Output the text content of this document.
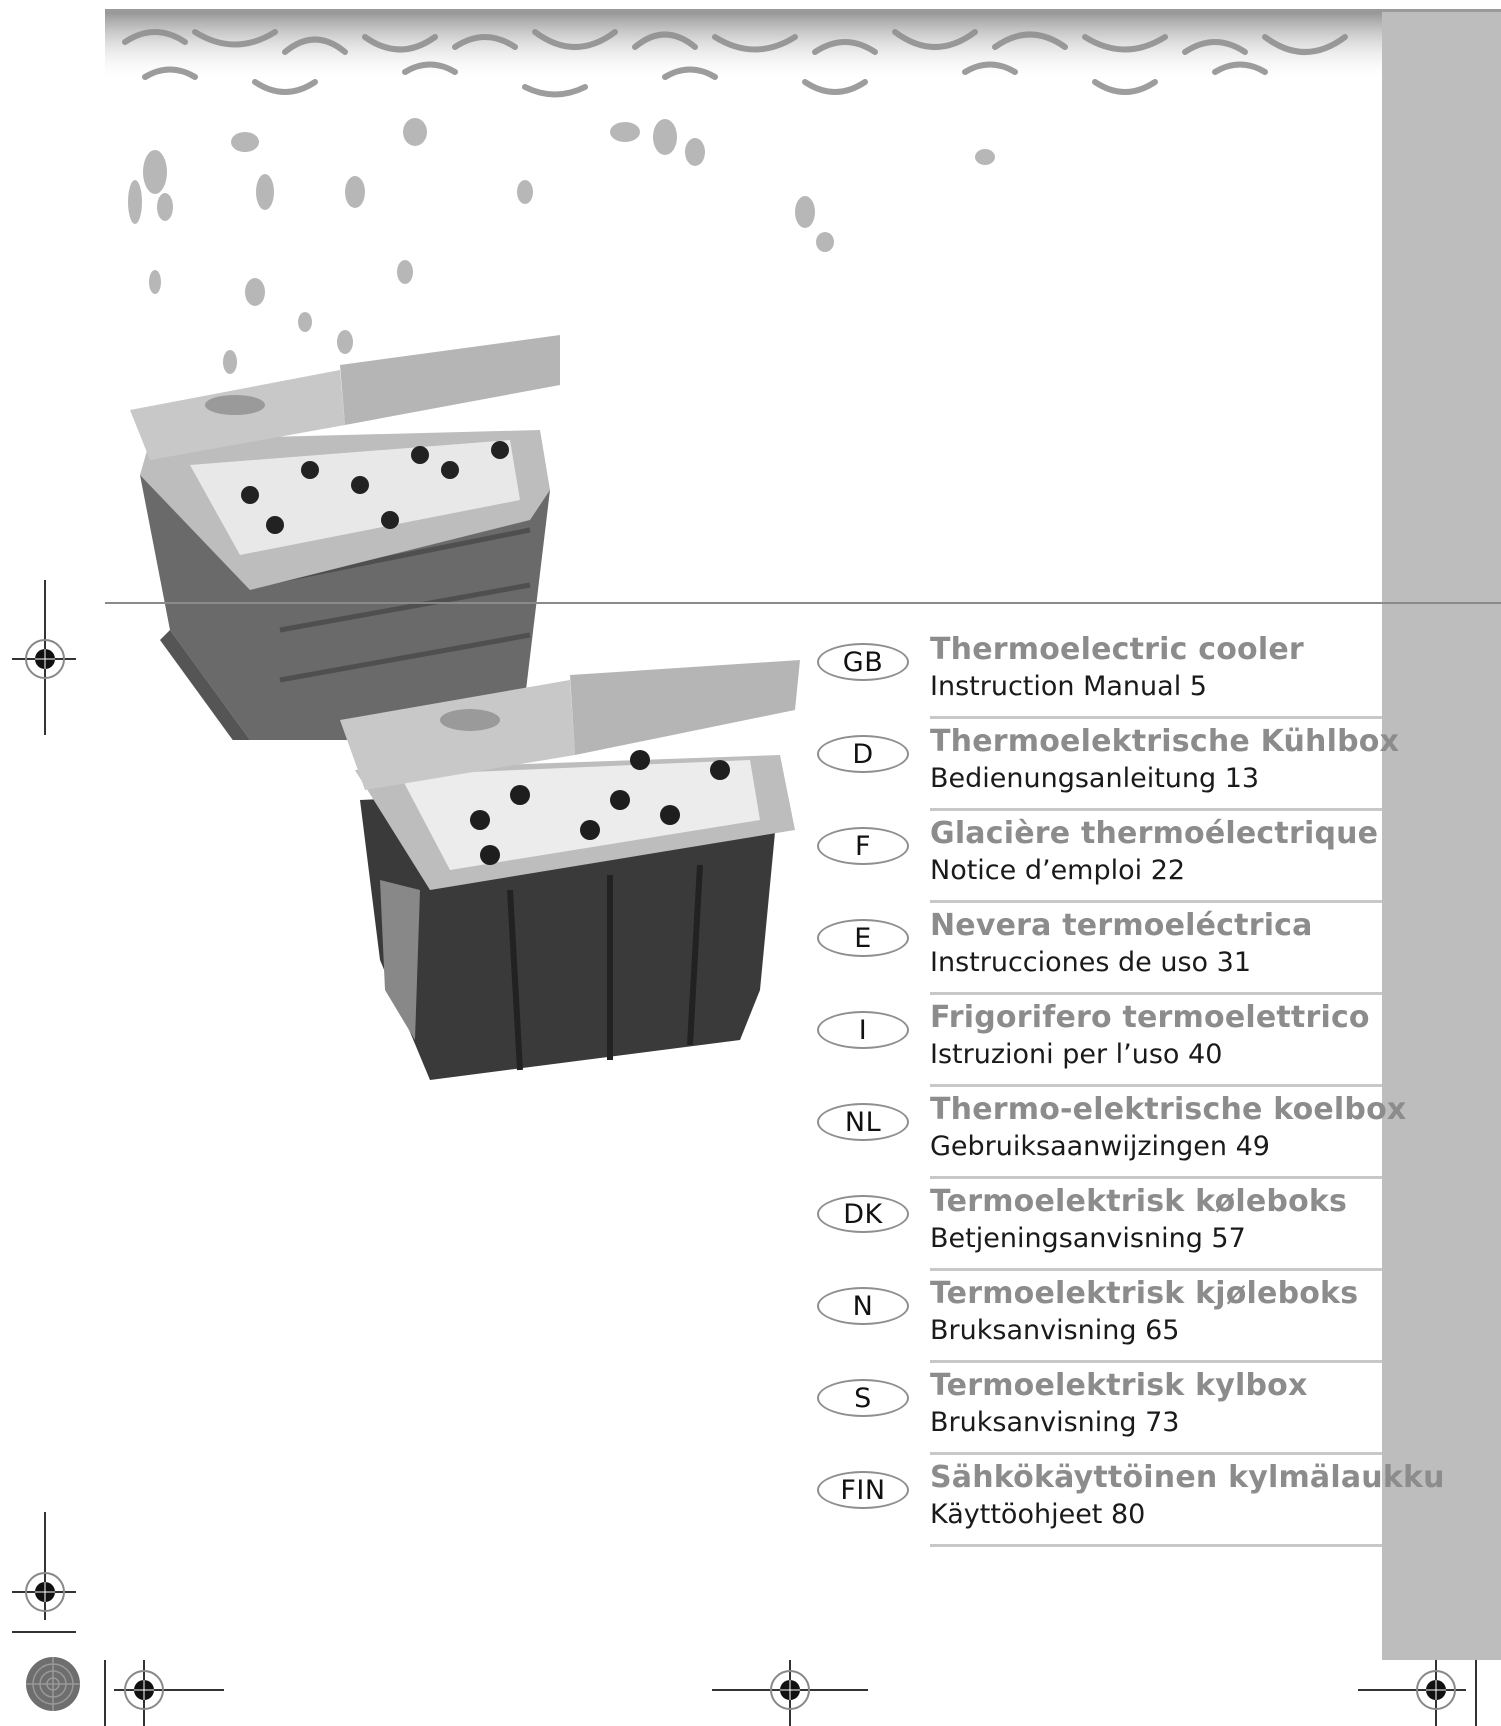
GB	Thermoelectric cooler
Instruction Manual 5
D	Thermoelektrische Kühlbox
Bedienungsanleitung 13
F	Glacière thermoélectrique
Notice d’emploi 22
E	Nevera termoeléctrica
Instrucciones de uso 31
I	Frigorifero termoelettrico
Istruzioni per l’uso 40
NL	Thermo-elektrische koelbox
Gebruiksaanwijzingen 49
DK	Termoelektrisk køleboks
Betjeningsanvisning 57
N	Termoelektrisk kjøleboks
Bruksanvisning 65
S	Termoelektrisk kylbox
Bruksanvisning 73
FIN	Sähkökäyttöinen kylmälaukku
Käyttöohjeet 80
